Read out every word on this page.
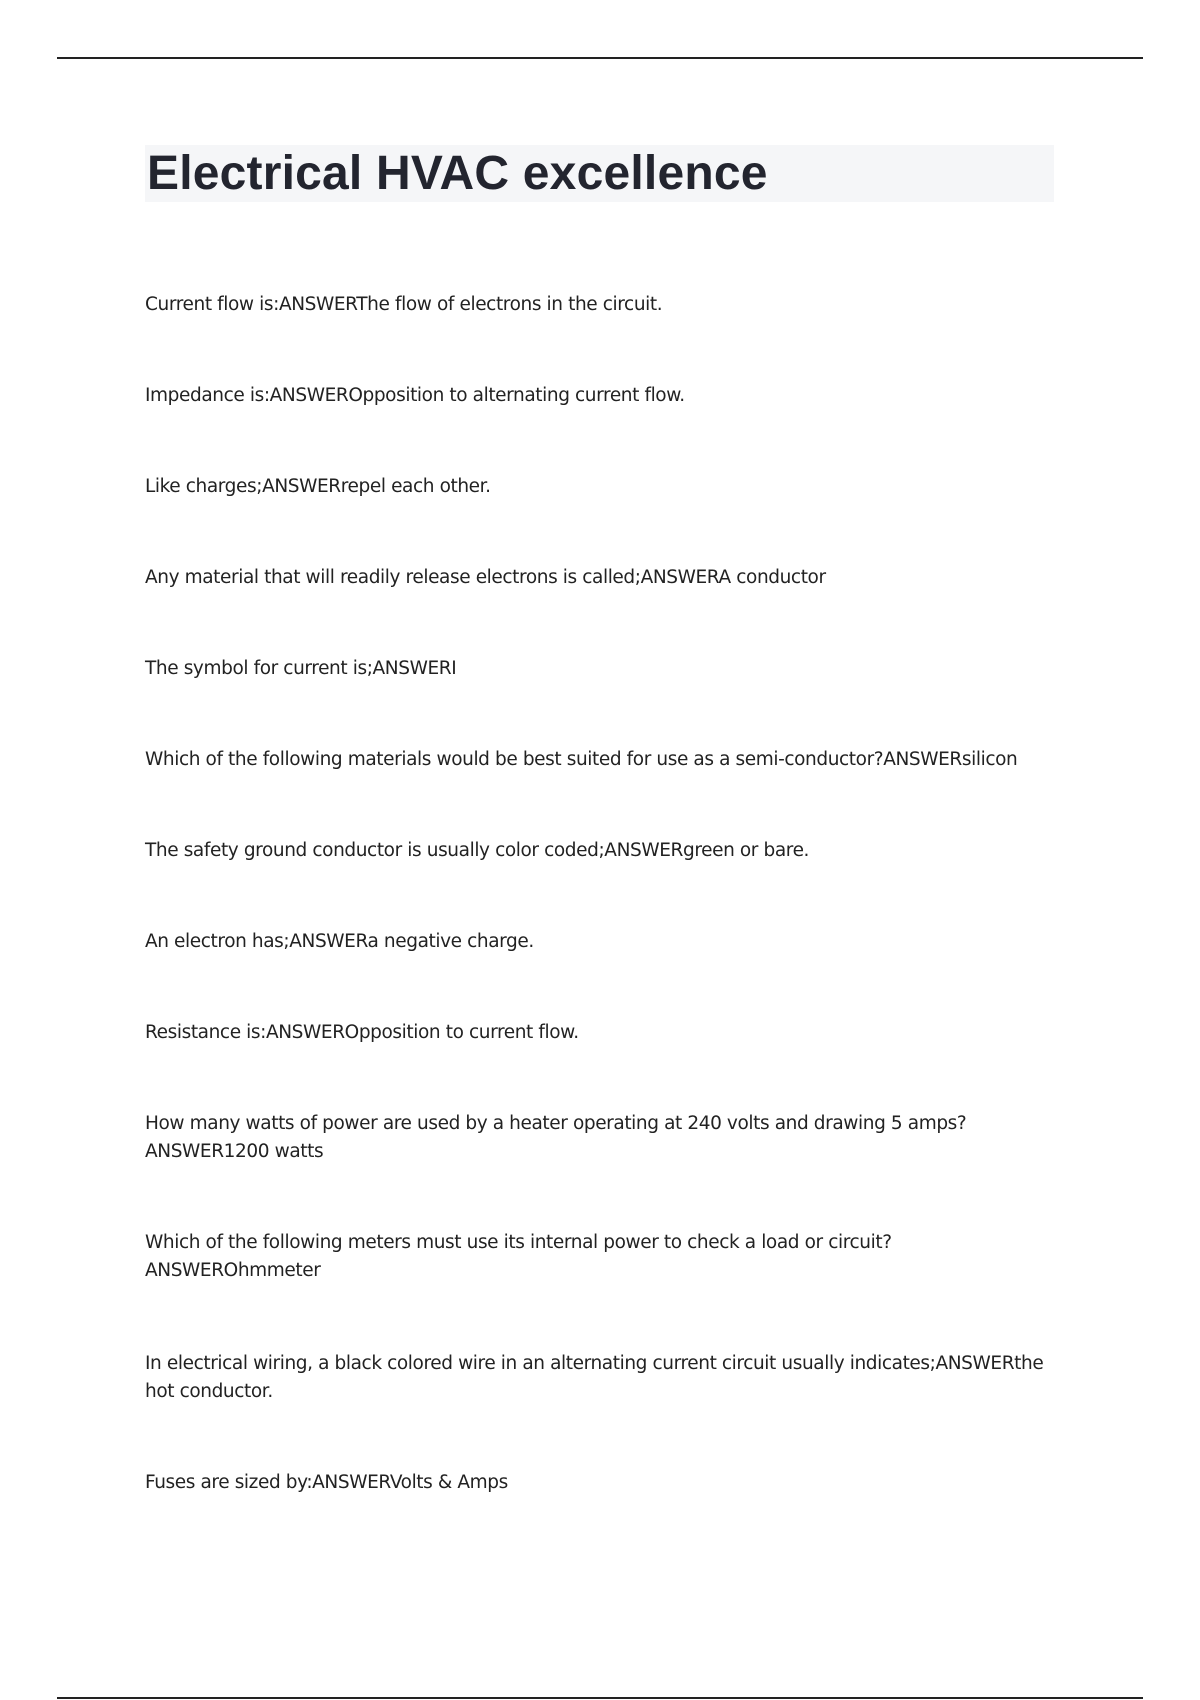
Electrical HVAC excellence
Current flow is:ANSWERThe flow of electrons in the circuit.
Impedance is:ANSWEROpposition to alternating current flow.
Like charges;ANSWERrepel each other.
Any material that will readily release electrons is called;ANSWERA conductor
The symbol for current is;ANSWERI
Which of the following materials would be best suited for use as a semi-conductor?ANSWERsilicon
The safety ground conductor is usually color coded;ANSWERgreen or bare.
An electron has;ANSWERa negative charge.
Resistance is:ANSWEROpposition to current flow.
How many watts of power are used by a heater operating at 240 volts and drawing 5 amps?ANSWER1200 watts
Which of the following meters must use its internal power to check a load or circuit?ANSWEROhmmeter
In electrical wiring, a black colored wire in an alternating current circuit usually indicates;ANSWERthe hot conductor.
Fuses are sized by:ANSWERVolts & Amps
